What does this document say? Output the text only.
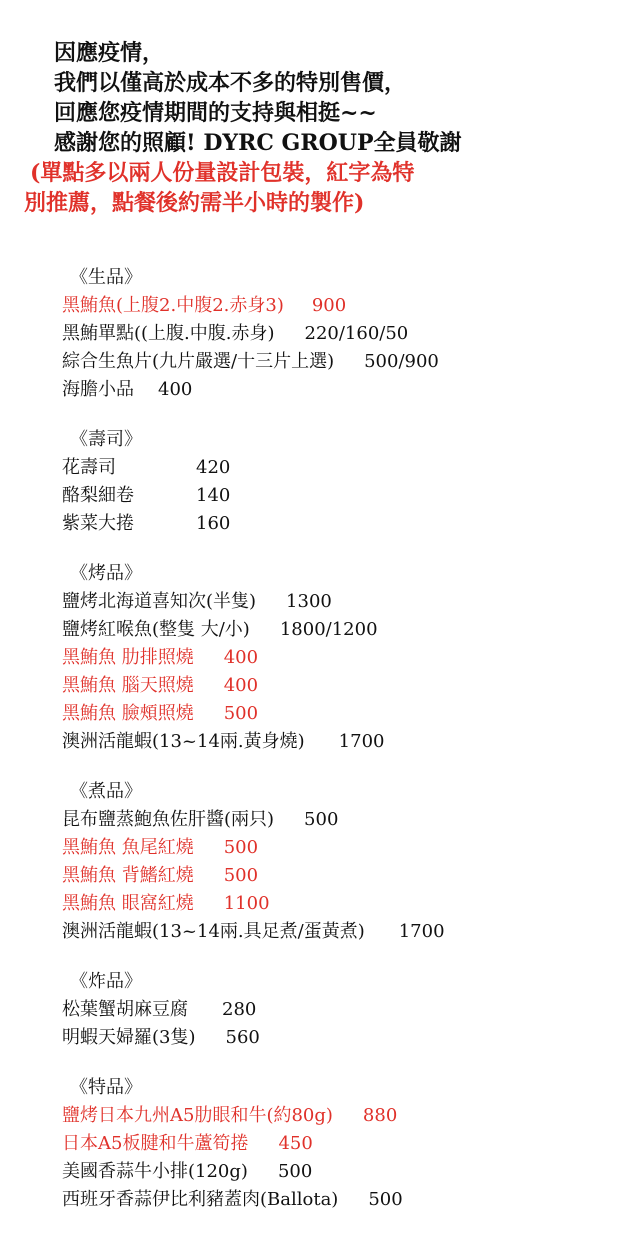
因應疫情，
我們以僅高於成本不多的特別售價，
回應您疫情期間的支持與相挺~~
感謝您的照顧! DYRC GROUP全員敬謝
(單點多以兩人份量設計包裝，紅字為特
別推薦，點餐後約需半小時的製作)
《生品》
黑鮪魚(上腹2.中腹2.赤身3) 900
黑鮪單點((上腹.中腹.赤身) 220/160/50
綜合生魚片(九片嚴選/十三片上選) 500/900
海膽小品 400
《壽司》
花壽司	420
酪梨細卷	140
紫菜大捲	160
《烤品》
鹽烤北海道喜知次(半隻) 1300
鹽烤紅喉魚(整隻 大/小) 1800/1200
黑鮪魚 肋排照燒 400
黑鮪魚 腦天照燒 400
黑鮪魚 臉頰照燒 500
澳洲活龍蝦(13~14兩.黃身燒) 1700
《煮品》
昆布鹽蒸鮑魚佐肝醬(兩只) 500
黑鮪魚 魚尾紅燒 500
黑鮪魚 背鰭紅燒 500
黑鮪魚 眼窩紅燒 1100
澳洲活龍蝦(13~14兩.具足煮/蛋黃煮) 1700
《炸品》
松葉蟹胡麻豆腐 280
明蝦天婦羅(3隻) 560
《特品》
鹽烤日本九州A5肋眼和牛(約80g) 880
日本A5板腱和牛蘆筍捲 450
美國香蒜牛小排(120g) 500
西班牙香蒜伊比利豬蓋肉(Ballota) 500
